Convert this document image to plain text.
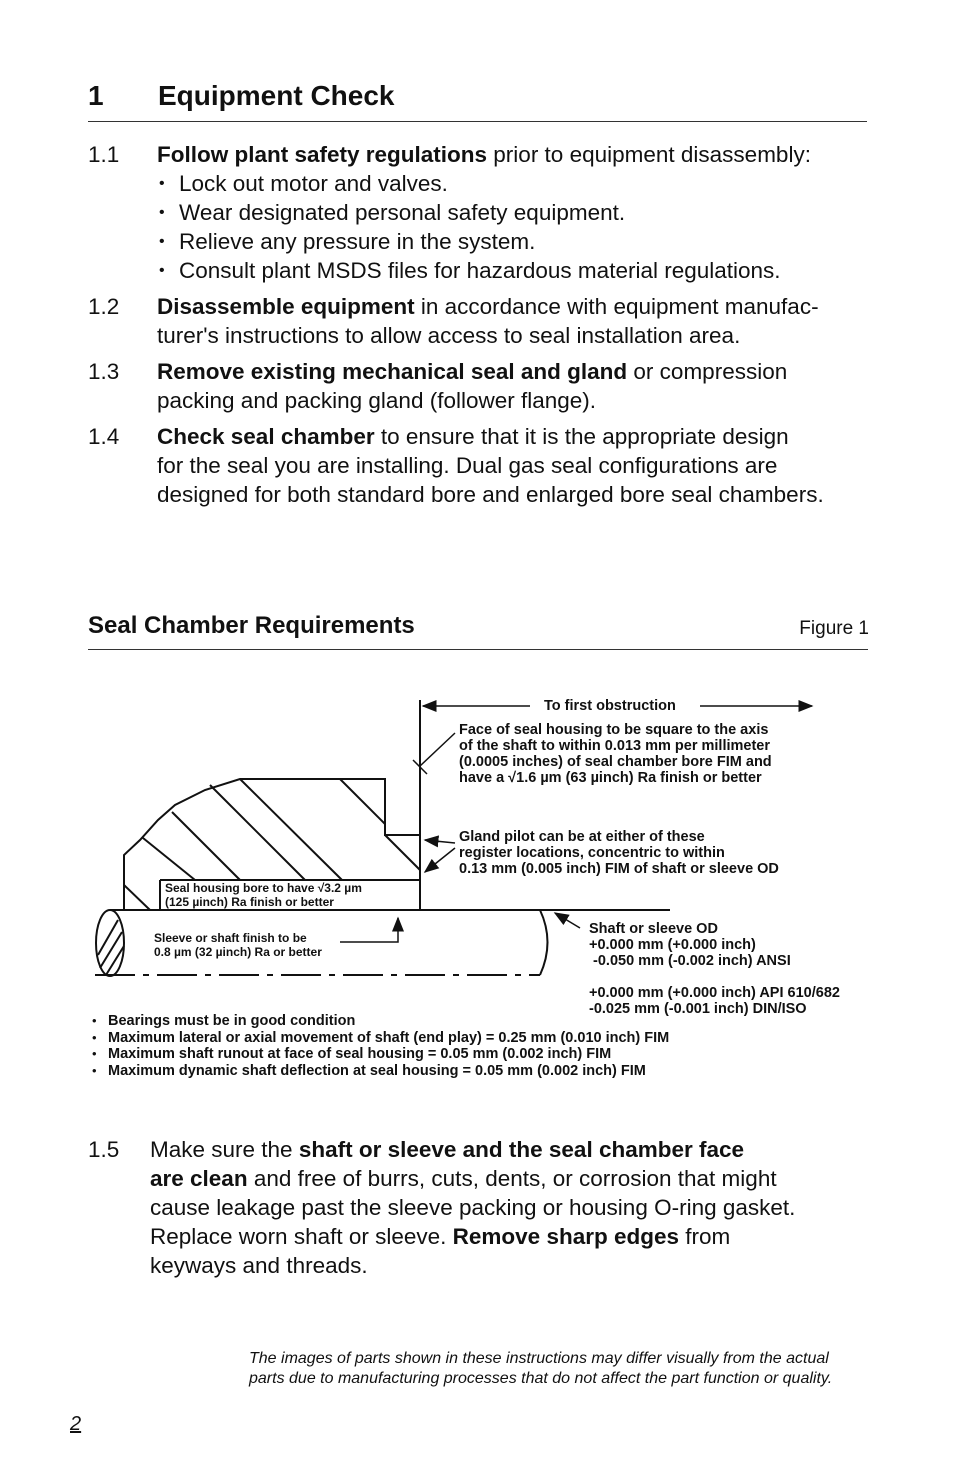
1 Equipment Check
1.1 Follow plant safety regulations prior to equipment disassembly:
• Lock out motor and valves.
• Wear designated personal safety equipment.
• Relieve any pressure in the system.
• Consult plant MSDS files for hazardous material regulations.
1.2 Disassemble equipment in accordance with equipment manufac-
turer's instructions to allow access to seal installation area.
1.3 Remove existing mechanical seal and gland or compression
packing and packing gland (follower flange).
1.4 Check seal chamber to ensure that it is the appropriate design
for the seal you are installing. Dual gas seal configurations are
designed for both standard bore and enlarged bore seal chambers.
Seal Chamber Requirements	Figure 1
To first obstruction
Face of seal housing to be square to the axis
of the shaft to within 0.013 mm per millimeter
(0.0005 inches) of seal chamber bore FIM and
have a √1.6 µm (63 µinch) Ra finish or better
Gland pilot can be at either of these
register locations, concentric to within
0.13 mm (0.005 inch) FIM of shaft or sleeve OD
Seal housing bore to have √3.2 µm
(125 µinch) Ra finish or better
Sleeve or shaft finish to be
0.8 µm (32 µinch) Ra or better
Shaft or sleeve OD
+0.000 mm (+0.000 inch)
-0.050 mm (-0.002 inch) ANSI
+0.000 mm (+0.000 inch) API 610/682
-0.025 mm (-0.001 inch) DIN/ISO
• Bearings must be in good condition
• Maximum lateral or axial movement of shaft (end play) = 0.25 mm (0.010 inch) FIM
• Maximum shaft runout at face of seal housing = 0.05 mm (0.002 inch) FIM
• Maximum dynamic shaft deflection at seal housing = 0.05 mm (0.002 inch) FIM
1.5 Make sure the shaft or sleeve and the seal chamber face
are clean and free of burrs, cuts, dents, or corrosion that might
cause leakage past the sleeve packing or housing O-ring gasket.
Replace worn shaft or sleeve. Remove sharp edges from
keyways and threads.
The images of parts shown in these instructions may differ visually from the actual
parts due to manufacturing processes that do not affect the part function or quality.
2
